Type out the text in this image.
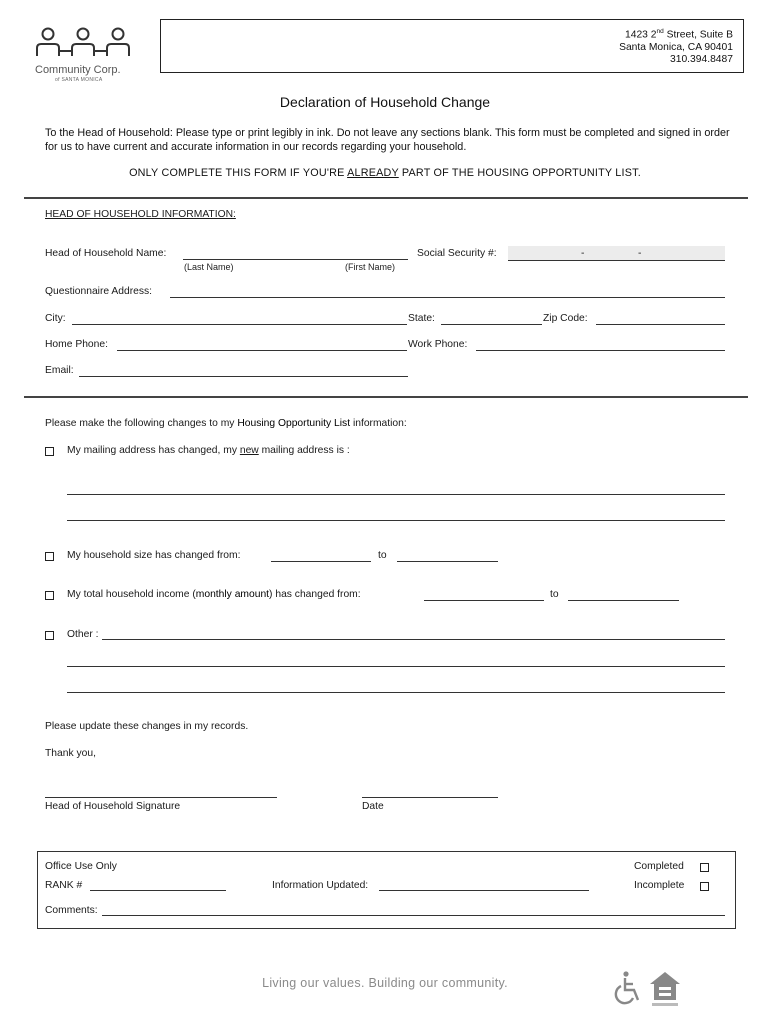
Community Corp.
of SANTA MONICA
1423 2nd Street, Suite B
Santa Monica, CA 90401
310.394.8487
Declaration of Household Change
To the Head of Household: Please type or print legibly in ink. Do not leave any sections blank. This form must be completed and signed in order for us to have current and accurate information in our records regarding your household.
ONLY COMPLETE THIS FORM IF YOU'RE ALREADY PART OF THE HOUSING OPPORTUNITY LIST.
HEAD OF HOUSEHOLD INFORMATION:
Head of Household Name:
(Last Name)	(First Name)
Social Security #:	-	-
Questionnaire Address:
City:	State:	Zip Code:
Home Phone:	Work Phone:
Email:
Please make the following changes to my Housing Opportunity List information:
My mailing address has changed, my new mailing address is :
My household size has changed from:	to
My total household income (monthly amount) has changed from:	to
Other :
Please update these changes in my records.
Thank you,
Head of Household Signature	Date
Office Use Only	Completed
RANK #	Information Updated:	Incomplete
Comments:
Living our values. Building our community.
